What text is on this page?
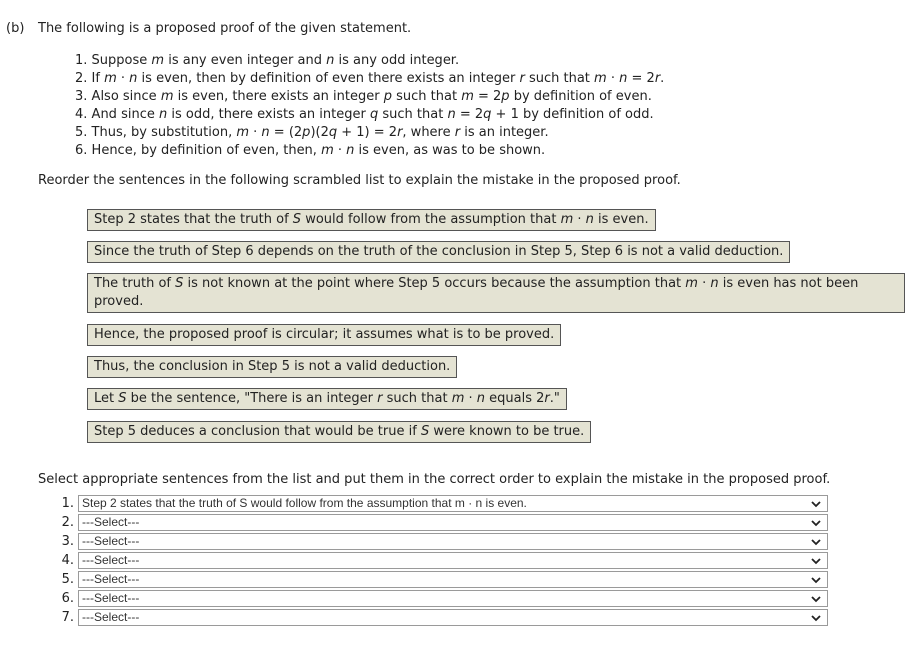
(b) The following is a proposed proof of the given statement.
1. Suppose m is any even integer and n is any odd integer.
2. If m · n is even, then by definition of even there exists an integer r such that m · n = 2r.
3. Also since m is even, there exists an integer p such that m = 2p by definition of even.
4. And since n is odd, there exists an integer q such that n = 2q + 1 by definition of odd.
5. Thus, by substitution, m · n = (2p)(2q + 1) = 2r, where r is an integer.
6. Hence, by definition of even, then, m · n is even, as was to be shown.
Reorder the sentences in the following scrambled list to explain the mistake in the proposed proof.
Step 2 states that the truth of S would follow from the assumption that m · n is even.
Since the truth of Step 6 depends on the truth of the conclusion in Step 5, Step 6 is not a valid deduction.
The truth of S is not known at the point where Step 5 occurs because the assumption that m · n is even has not been proved.
Hence, the proposed proof is circular; it assumes what is to be proved.
Thus, the conclusion in Step 5 is not a valid deduction.
Let S be the sentence, "There is an integer r such that m · n equals 2r."
Step 5 deduces a conclusion that would be true if S were known to be true.
Select appropriate sentences from the list and put them in the correct order to explain the mistake in the proposed proof.
1. Step 2 states that the truth of S would follow from the assumption that m · n is even.
2. ---Select---
3. ---Select---
4. ---Select---
5. ---Select---
6. ---Select---
7. ---Select---
